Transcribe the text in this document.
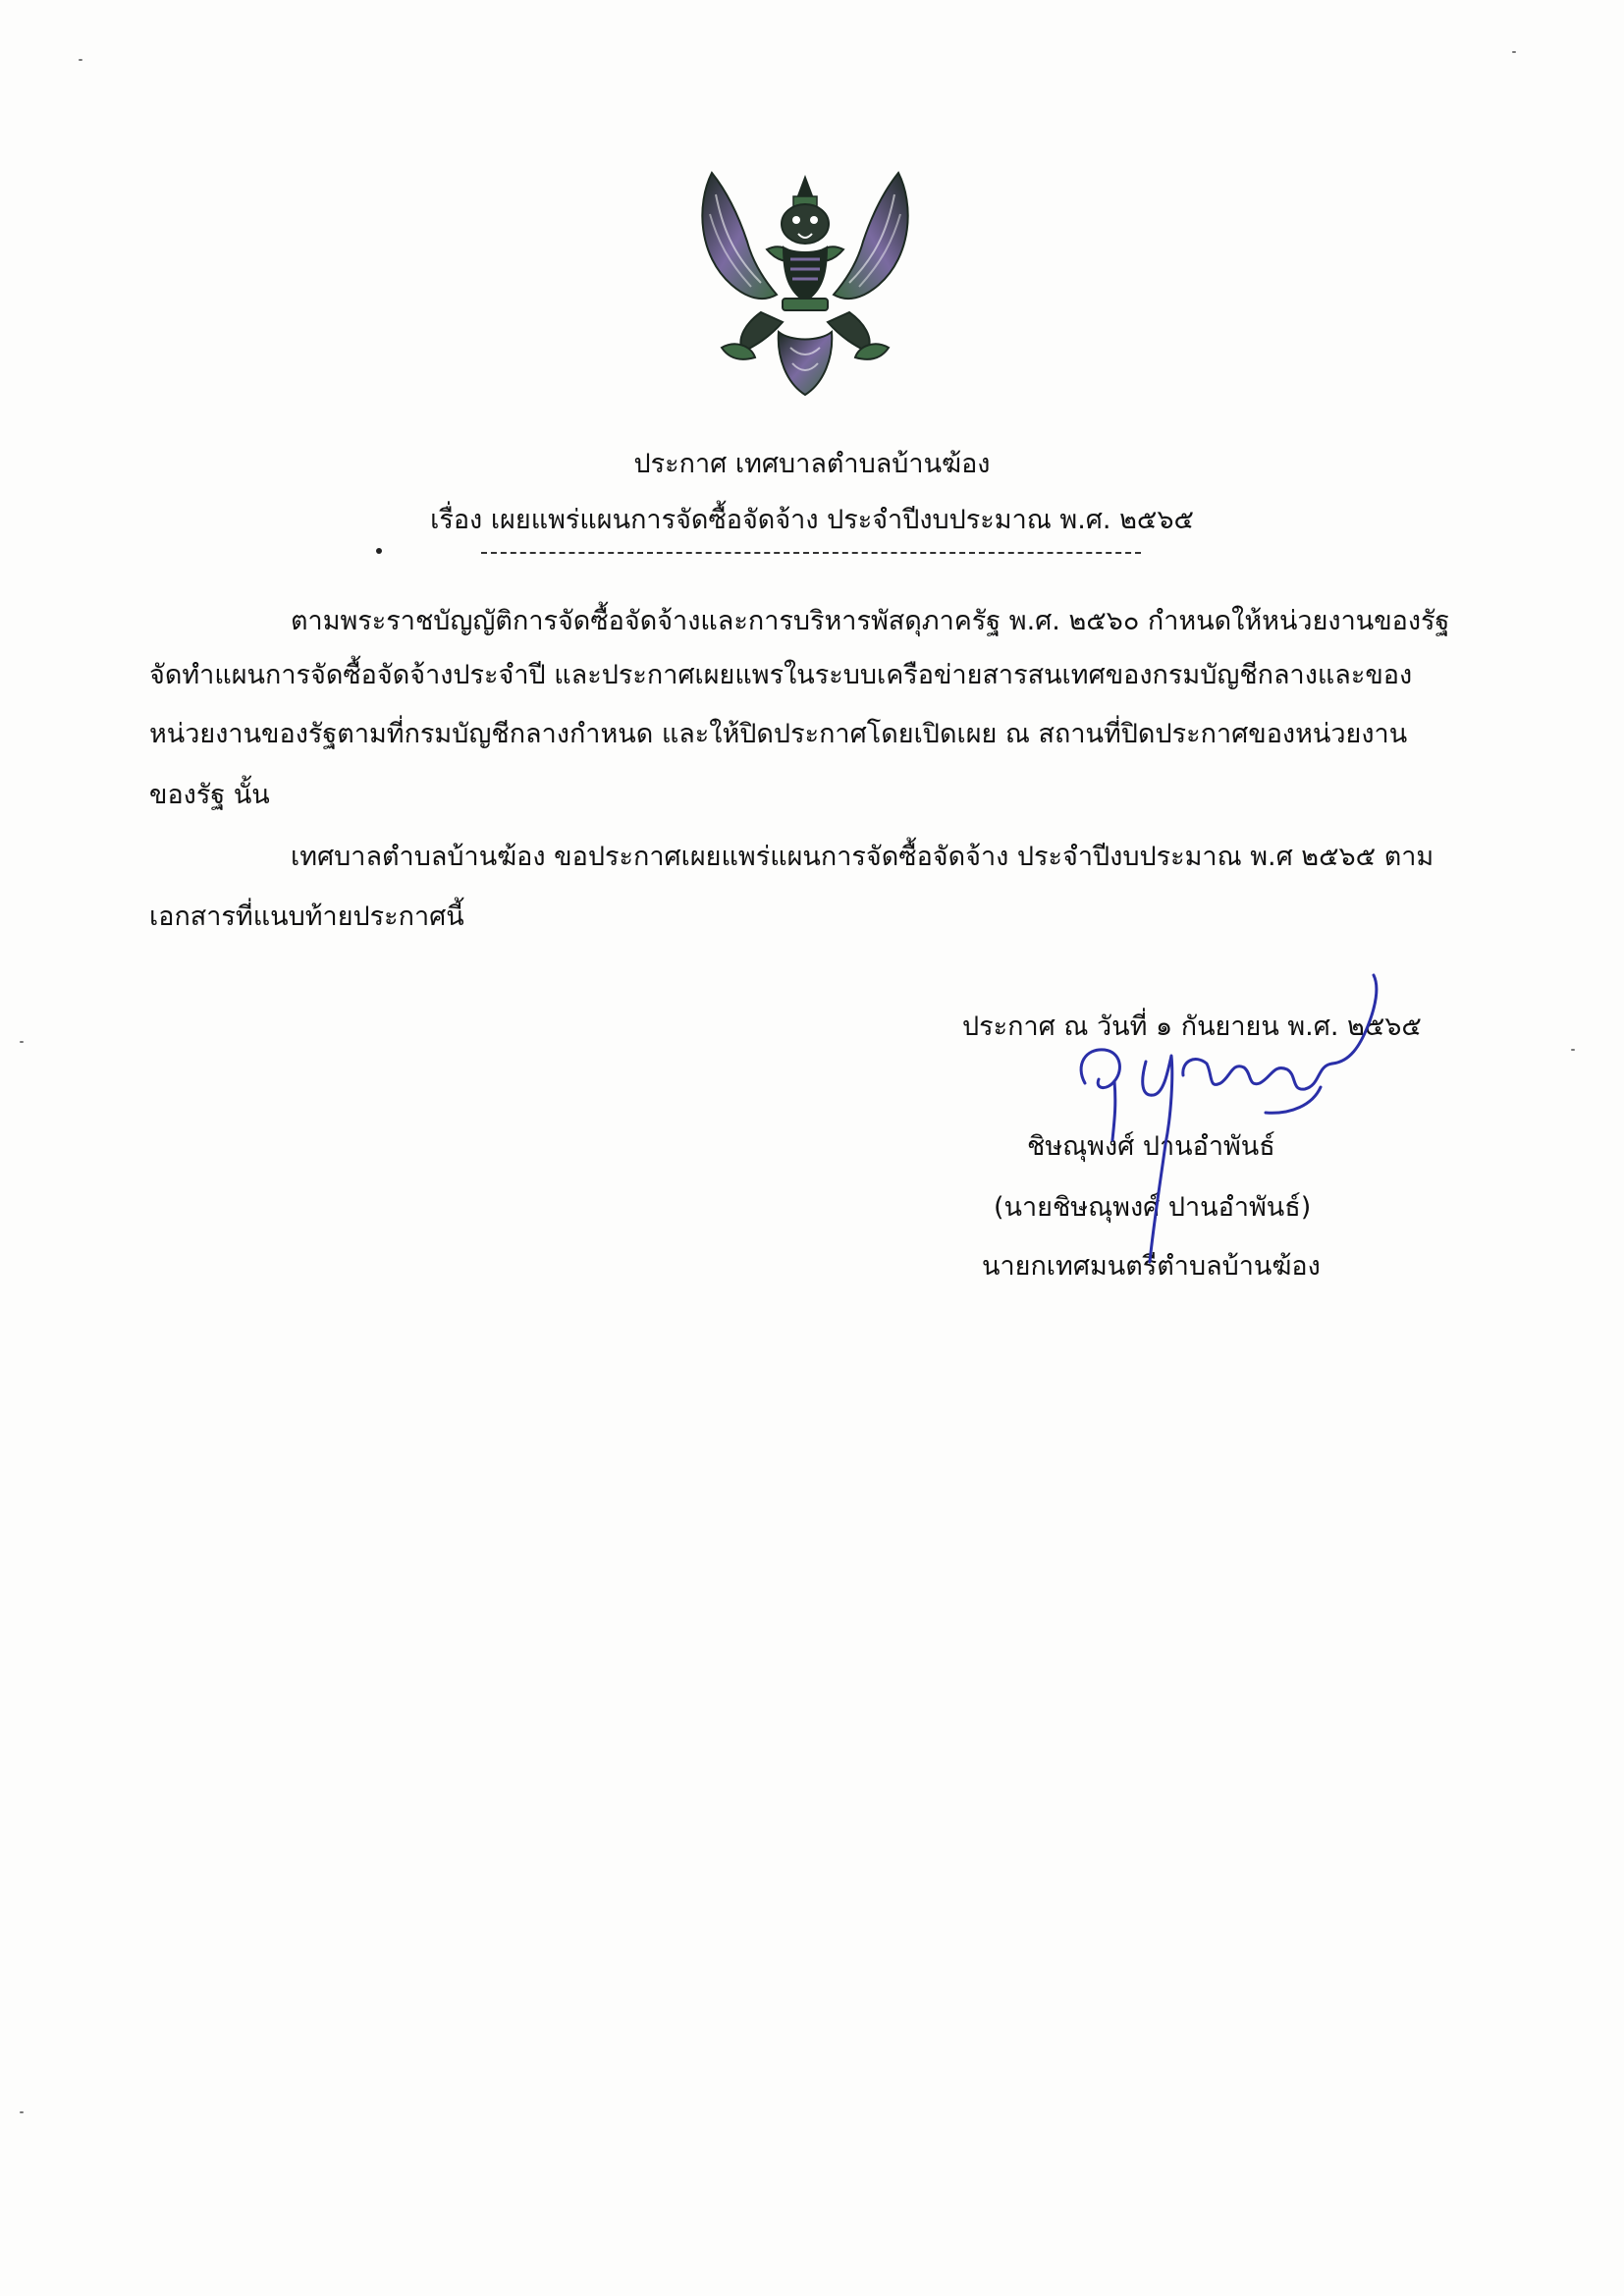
ประกาศ เทศบาลตำบลบ้านฆ้อง
เรื่อง เผยแพร่แผนการจัดซื้อจัดจ้าง ประจำปีงบประมาณ พ.ศ. ๒๕๖๕
ตามพระราชบัญญัติการจัดซื้อจัดจ้างและการบริหารพัสดุภาครัฐ พ.ศ. ๒๕๖๐ กำหนดให้หน่วยงานของรัฐ
จัดทำแผนการจัดซื้อจัดจ้างประจำปี และประกาศเผยแพรในระบบเครือข่ายสารสนเทศของกรมบัญชีกลางและของ
หน่วยงานของรัฐตามที่กรมบัญชีกลางกำหนด และให้ปิดประกาศโดยเปิดเผย ณ สถานที่ปิดประกาศของหน่วยงาน
ของรัฐ นั้น
เทศบาลตำบลบ้านฆ้อง ขอประกาศเผยแพร่แผนการจัดซื้อจัดจ้าง ประจำปีงบประมาณ พ.ศ ๒๕๖๕ ตาม
เอกสารที่แนบท้ายประกาศนี้
ประกาศ ณ วันที่ ๑ กันยายน พ.ศ. ๒๕๖๕
ชิษณุพงศ์ ปานอำพันธ์
(นายชิษณุพงศ์ ปานอำพันธ์)
นายกเทศมนตรีตำบลบ้านฆ้อง
